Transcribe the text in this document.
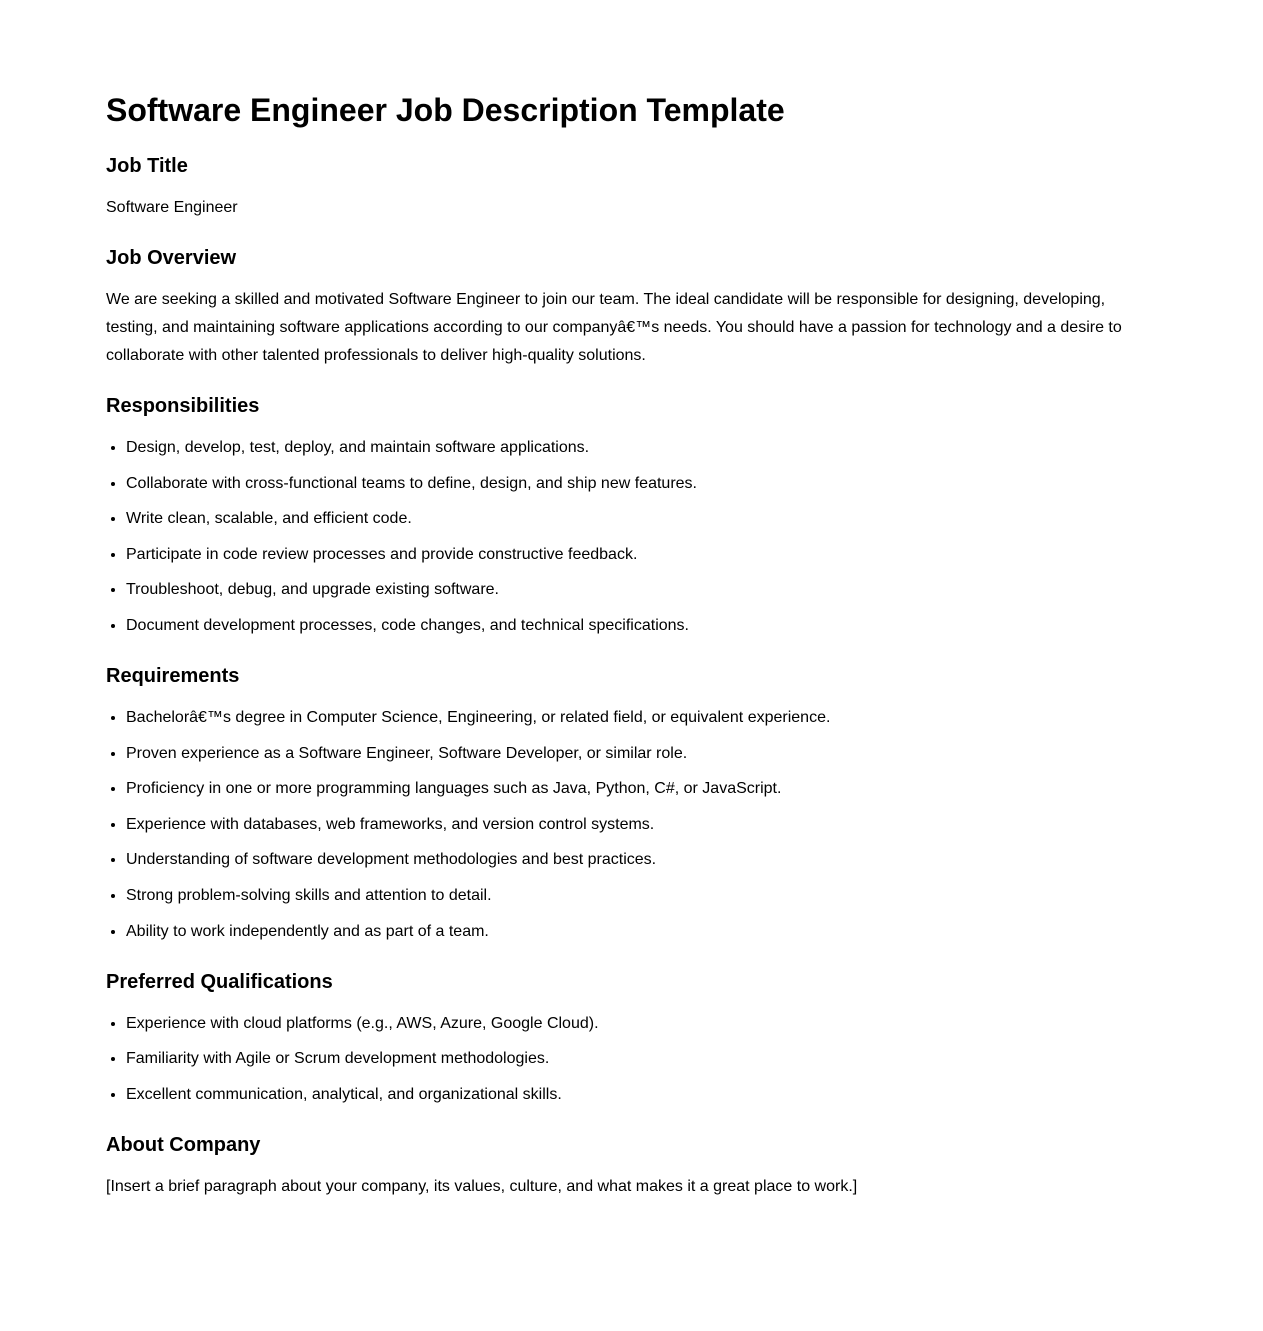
Software Engineer Job Description Template
Job Title

Software Engineer

Job Overview

We are seeking a skilled and motivated Software Engineer to join our team. The ideal candidate will be responsible for designing, developing, testing, and maintaining software applications according to our companyâ€™s needs. You should have a passion for technology and a desire to collaborate with other talented professionals to deliver high-quality solutions.

Responsibilities
• Design, develop, test, deploy, and maintain software applications.
• Collaborate with cross-functional teams to define, design, and ship new features.
• Write clean, scalable, and efficient code.
• Participate in code review processes and provide constructive feedback.
• Troubleshoot, debug, and upgrade existing software.
• Document development processes, code changes, and technical specifications.
Requirements
• Bachelorâ€™s degree in Computer Science, Engineering, or related field, or equivalent experience.
• Proven experience as a Software Engineer, Software Developer, or similar role.
• Proficiency in one or more programming languages such as Java, Python, C#, or JavaScript.
• Experience with databases, web frameworks, and version control systems.
• Understanding of software development methodologies and best practices.
• Strong problem-solving skills and attention to detail.
• Ability to work independently and as part of a team.
Preferred Qualifications
• Experience with cloud platforms (e.g., AWS, Azure, Google Cloud).
• Familiarity with Agile or Scrum development methodologies.
• Excellent communication, analytical, and organizational skills.
About Company

[Insert a brief paragraph about your company, its values, culture, and what makes it a great place to work.]
